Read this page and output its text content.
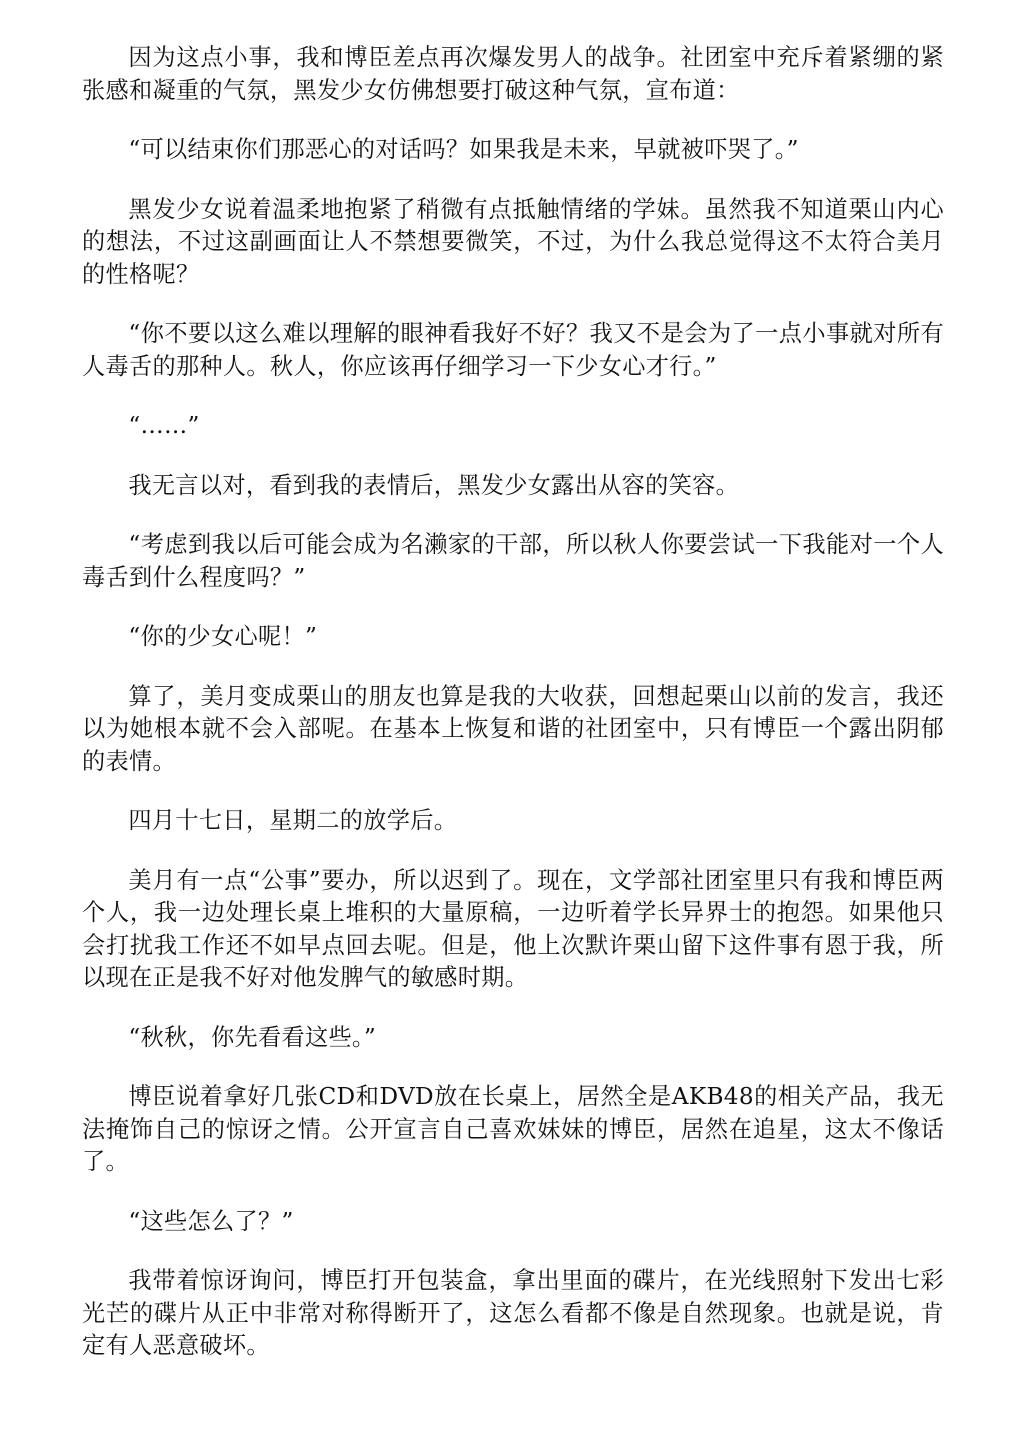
因为这点小事，我和博臣差点再次爆发男人的战争。社团室中充斥着紧绷的紧张感和凝重的气氛，黑发少女仿佛想要打破这种气氛，宣布道：

“可以结束你们那恶心的对话吗？如果我是未来，早就被吓哭了。”

黑发少女说着温柔地抱紧了稍微有点抵触情绪的学妹。虽然我不知道栗山内心的想法，不过这副画面让人不禁想要微笑，不过，为什么我总觉得这不太符合美月的性格呢？

“你不要以这么难以理解的眼神看我好不好？我又不是会为了一点小事就对所有人毒舌的那种人。秋人，你应该再仔细学习一下少女心才行。”

“……”

我无言以对，看到我的表情后，黑发少女露出从容的笑容。

“考虑到我以后可能会成为名濑家的干部，所以秋人你要尝试一下我能对一个人毒舌到什么程度吗？”

“你的少女心呢！”

算了，美月变成栗山的朋友也算是我的大收获，回想起栗山以前的发言，我还以为她根本就不会入部呢。在基本上恢复和谐的社团室中，只有博臣一个露出阴郁的表情。

四月十七日，星期二的放学后。

美月有一点“公事”要办，所以迟到了。现在，文学部社团室里只有我和博臣两个人，我一边处理长桌上堆积的大量原稿，一边听着学长异界士的抱怨。如果他只会打扰我工作还不如早点回去呢。但是，他上次默许栗山留下这件事有恩于我，所以现在正是我不好对他发脾气的敏感时期。

“秋秋，你先看看这些。”

博臣说着拿好几张CD和DVD放在长桌上，居然全是AKB48的相关产品，我无法掩饰自己的惊讶之情。公开宣言自己喜欢妹妹的博臣，居然在追星，这太不像话了。

“这些怎么了？”

我带着惊讶询问，博臣打开包装盒，拿出里面的碟片，在光线照射下发出七彩光芒的碟片从正中非常对称得断开了，这怎么看都不像是自然现象。也就是说，肯定有人恶意破坏。
